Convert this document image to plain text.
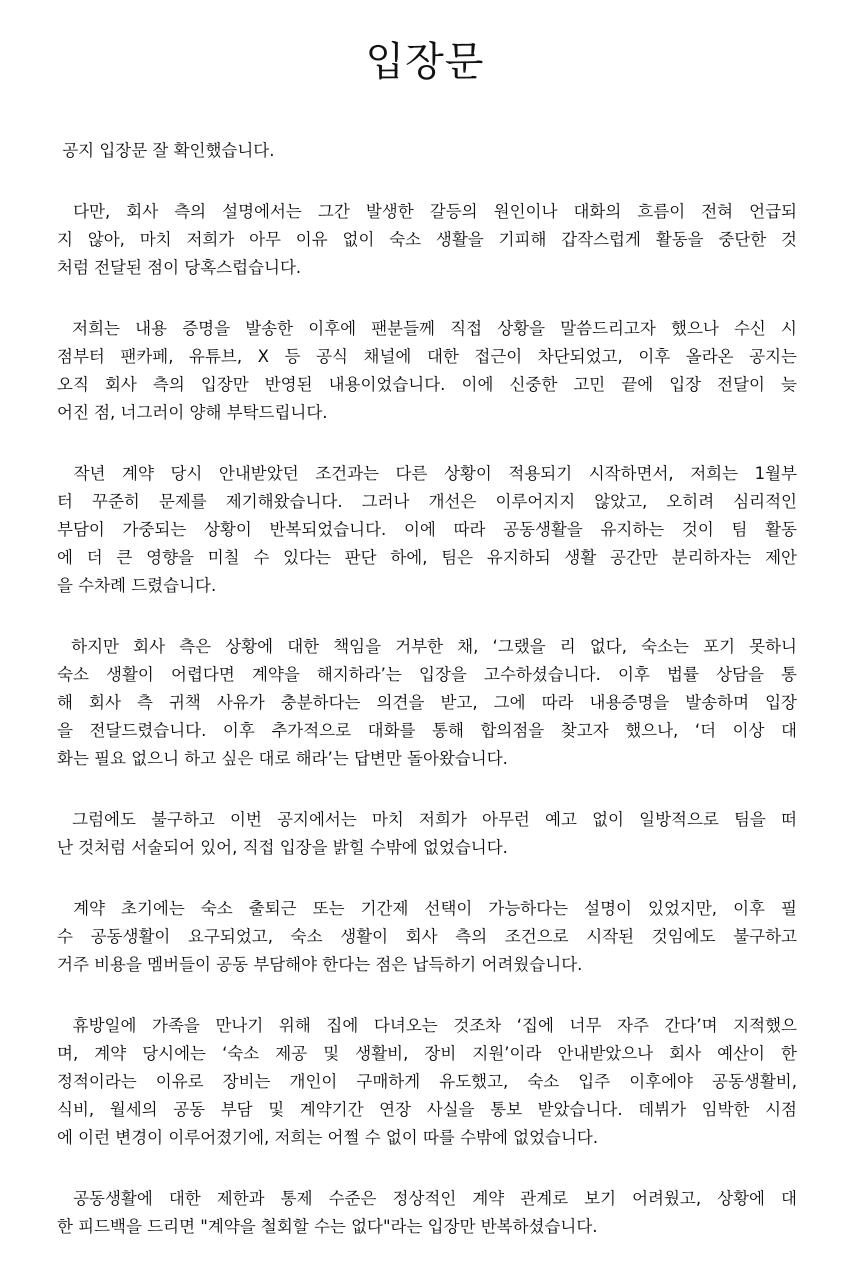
입장문
공지 입장문 잘 확인했습니다.
다만, 회사 측의 설명에서는 그간 발생한 갈등의 원인이나 대화의 흐름이 전혀 언급되
지 않아, 마치 저희가 아무 이유 없이 숙소 생활을 기피해 갑작스럽게 활동을 중단한 것
처럼 전달된 점이 당혹스럽습니다.
저희는 내용 증명을 발송한 이후에 팬분들께 직접 상황을 말씀드리고자 했으나 수신 시
점부터 팬카페, 유튜브, X 등 공식 채널에 대한 접근이 차단되었고, 이후 올라온 공지는
오직 회사 측의 입장만 반영된 내용이었습니다. 이에 신중한 고민 끝에 입장 전달이 늦
어진 점, 너그러이 양해 부탁드립니다.
작년 계약 당시 안내받았던 조건과는 다른 상황이 적용되기 시작하면서, 저희는 1월부
터 꾸준히 문제를 제기해왔습니다. 그러나 개선은 이루어지지 않았고, 오히려 심리적인
부담이 가중되는 상황이 반복되었습니다. 이에 따라 공동생활을 유지하는 것이 팀 활동
에 더 큰 영향을 미칠 수 있다는 판단 하에, 팀은 유지하되 생활 공간만 분리하자는 제안
을 수차례 드렸습니다.
하지만 회사 측은 상황에 대한 책임을 거부한 채, ‘그랬을 리 없다, 숙소는 포기 못하니
숙소 생활이 어렵다면 계약을 해지하라’는 입장을 고수하셨습니다. 이후 법률 상담을 통
해 회사 측 귀책 사유가 충분하다는 의견을 받고, 그에 따라 내용증명을 발송하며 입장
을 전달드렸습니다. 이후 추가적으로 대화를 통해 합의점을 찾고자 했으나, ‘더 이상 대
화는 필요 없으니 하고 싶은 대로 해라’는 답변만 돌아왔습니다.
그럼에도 불구하고 이번 공지에서는 마치 저희가 아무런 예고 없이 일방적으로 팀을 떠
난 것처럼 서술되어 있어, 직접 입장을 밝힐 수밖에 없었습니다.
계약 초기에는 숙소 출퇴근 또는 기간제 선택이 가능하다는 설명이 있었지만, 이후 필
수 공동생활이 요구되었고, 숙소 생활이 회사 측의 조건으로 시작된 것임에도 불구하고
거주 비용을 멤버들이 공동 부담해야 한다는 점은 납득하기 어려웠습니다.
휴방일에 가족을 만나기 위해 집에 다녀오는 것조차 ‘집에 너무 자주 간다’며 지적했으
며, 계약 당시에는 ‘숙소 제공 및 생활비, 장비 지원’이라 안내받았으나 회사 예산이 한
정적이라는 이유로 장비는 개인이 구매하게 유도했고, 숙소 입주 이후에야 공동생활비,
식비, 월세의 공동 부담 및 계약기간 연장 사실을 통보 받았습니다. 데뷔가 임박한 시점
에 이런 변경이 이루어졌기에, 저희는 어쩔 수 없이 따를 수밖에 없었습니다.
공동생활에 대한 제한과 통제 수준은 정상적인 계약 관계로 보기 어려웠고, 상황에 대
한 피드백을 드리면 "계약을 철회할 수는 없다"라는 입장만 반복하셨습니다.
